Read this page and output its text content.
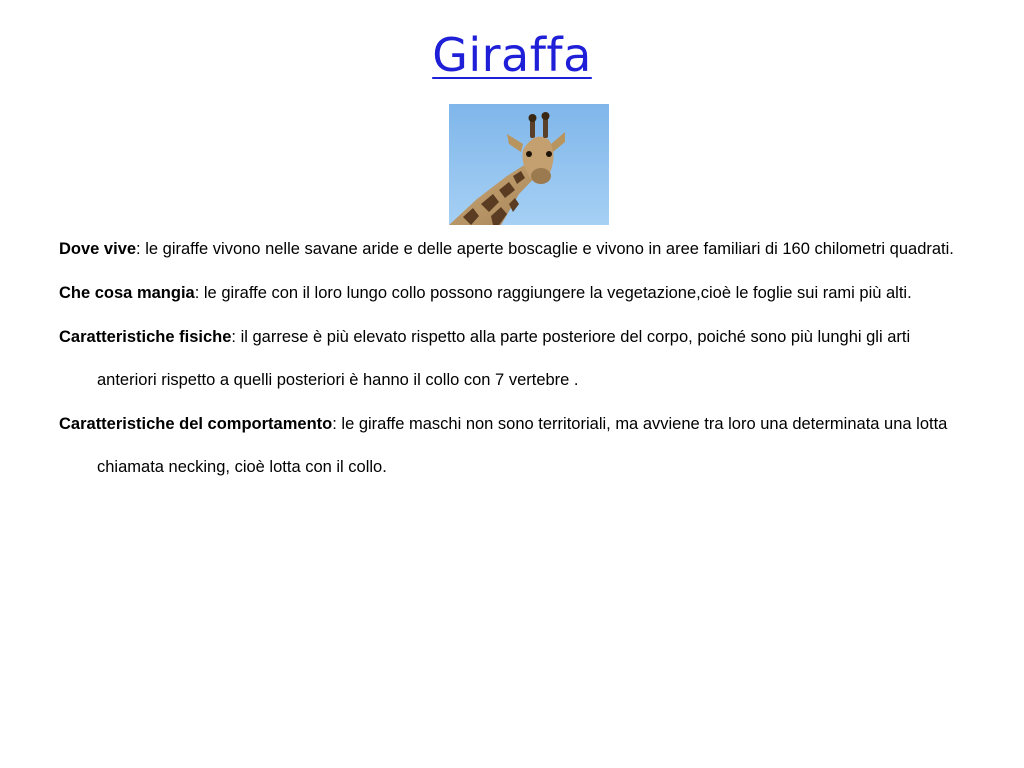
Giraffa
Dove vive: le giraffe vivono nelle savane aride e delle aperte boscaglie e vivono in aree familiari di 160 chilometri quadrati.
Che cosa mangia: le giraffe con il loro lungo collo possono raggiungere la vegetazione,cioè le foglie sui rami più alti.
Caratteristiche fisiche: il garrese è più elevato rispetto alla parte posteriore del corpo, poiché sono più lunghi gli arti anteriori rispetto a quelli posteriori è hanno il collo con 7 vertebre .
Caratteristiche del comportamento: le giraffe maschi non sono territoriali, ma avviene tra loro una determinata una lotta chiamata necking, cioè lotta con il collo.
